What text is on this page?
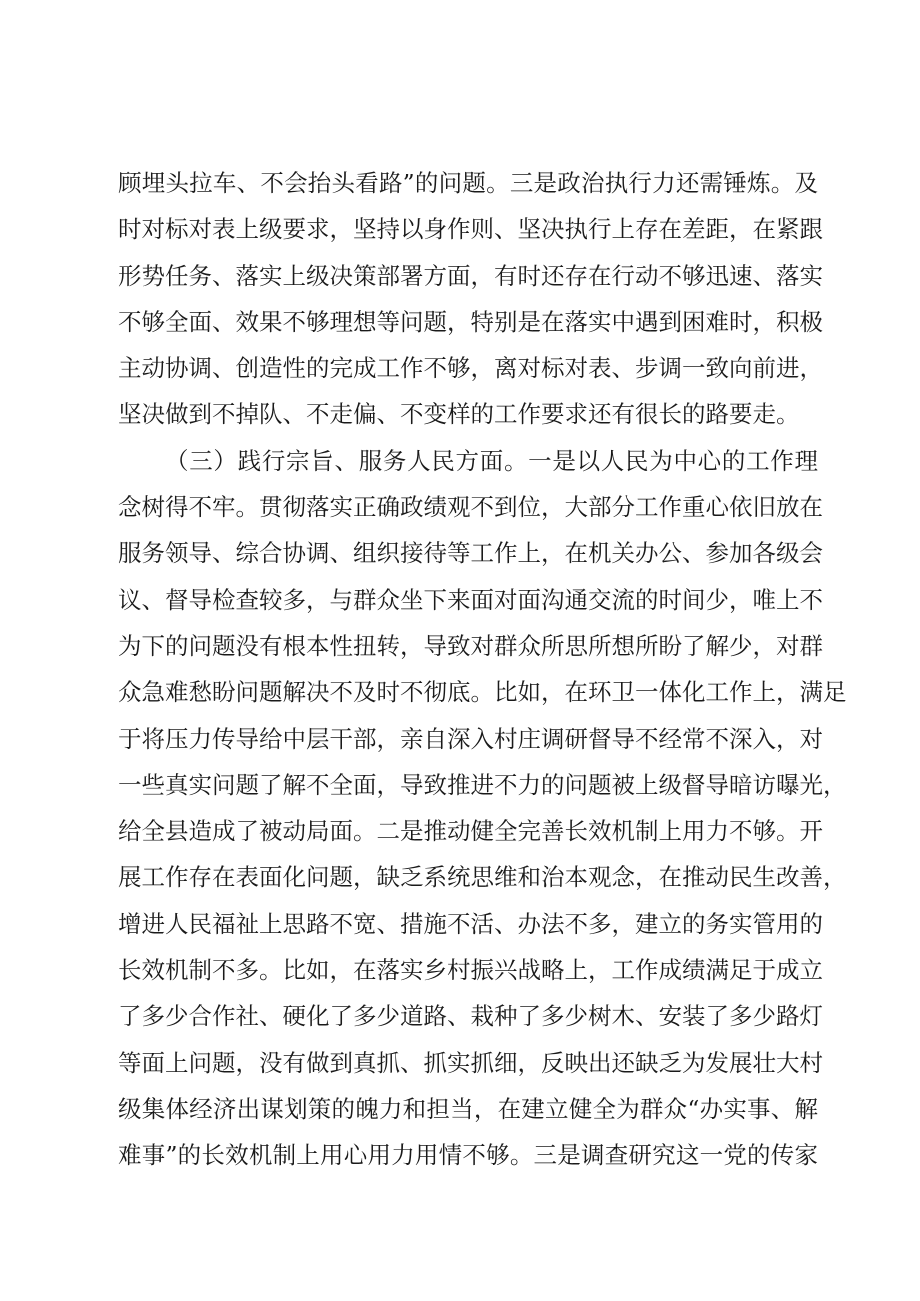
顾埋头拉车、不会抬头看路”的问题。三是政治执行力还需锤炼。及
时对标对表上级要求，坚持以身作则、坚决执行上存在差距，在紧跟
形势任务、落实上级决策部署方面，有时还存在行动不够迅速、落实
不够全面、效果不够理想等问题，特别是在落实中遇到困难时，积极
主动协调、创造性的完成工作不够，离对标对表、步调一致向前进，
坚决做到不掉队、不走偏、不变样的工作要求还有很长的路要走。
（三）践行宗旨、服务人民方面。一是以人民为中心的工作理
念树得不牢。贯彻落实正确政绩观不到位，大部分工作重心依旧放在
服务领导、综合协调、组织接待等工作上，在机关办公、参加各级会
议、督导检查较多，与群众坐下来面对面沟通交流的时间少，唯上不
为下的问题没有根本性扭转，导致对群众所思所想所盼了解少，对群
众急难愁盼问题解决不及时不彻底。比如，在环卫一体化工作上，满足
于将压力传导给中层干部，亲自深入村庄调研督导不经常不深入，对
一些真实问题了解不全面，导致推进不力的问题被上级督导暗访曝光，
给全县造成了被动局面。二是推动健全完善长效机制上用力不够。开
展工作存在表面化问题，缺乏系统思维和治本观念，在推动民生改善，
增进人民福祉上思路不宽、措施不活、办法不多，建立的务实管用的
长效机制不多。比如，在落实乡村振兴战略上，工作成绩满足于成立
了多少合作社、硬化了多少道路、栽种了多少树木、安装了多少路灯
等面上问题，没有做到真抓、抓实抓细，反映出还缺乏为发展壮大村
级集体经济出谋划策的魄力和担当，在建立健全为群众“办实事、解
难事”的长效机制上用心用力用情不够。三是调查研究这一党的传家
